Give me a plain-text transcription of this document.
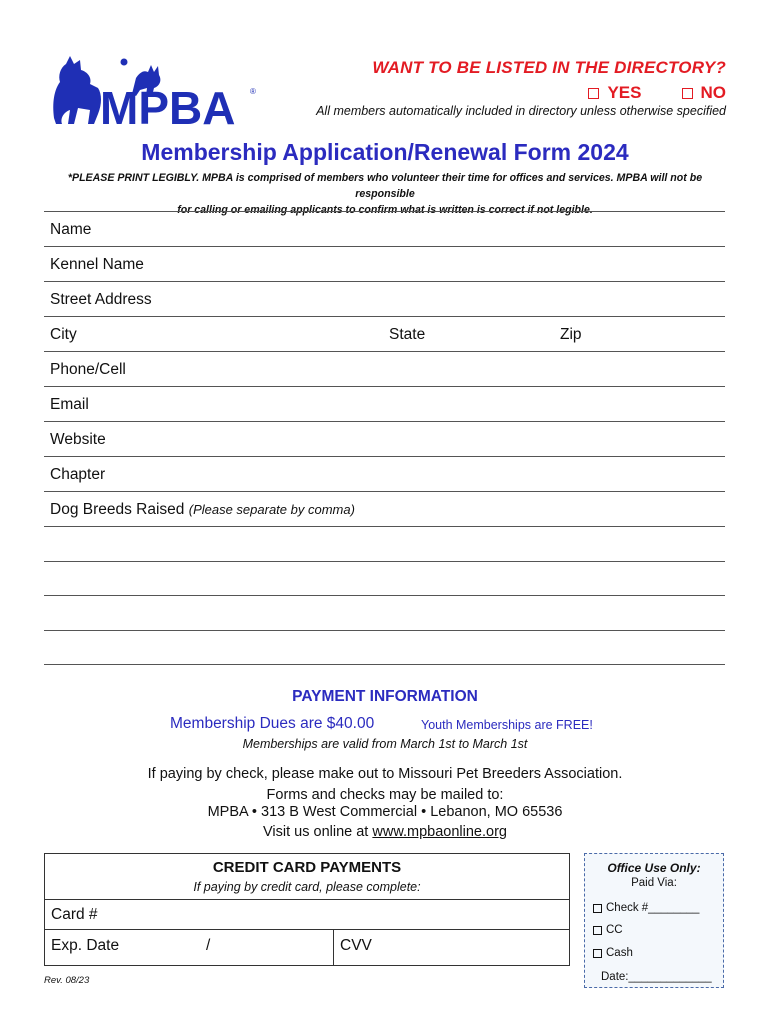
MPBA ®
WANT TO BE LISTED IN THE DIRECTORY?
YES	NO
All members automatically included in directory unless otherwise specified
Membership Application/Renewal Form 2024
*PLEASE PRINT LEGIBLY. MPBA is comprised of members who volunteer their time for offices and services. MPBA will not be responsible
for calling or emailing applicants to confirm what is written is correct if not legible.
Name
Kennel Name
Street Address
City	State	Zip
Phone/Cell
Email
Website
Chapter
Dog Breeds Raised (Please separate by comma)
PAYMENT INFORMATION
Membership Dues are $40.00	Youth Memberships are FREE!
Memberships are valid from March 1st to March 1st
If paying by check, please make out to Missouri Pet Breeders Association.
Forms and checks may be mailed to:
MPBA • 313 B West Commercial • Lebanon, MO 65536
Visit us online at www.mpbaonline.org
CREDIT CARD PAYMENTS
If paying by credit card, please complete:
Card #
Exp. Date	/	CVV
Office Use Only:
Paid Via:
Check #________
CC
Cash
Date:_____________
Rev. 08/23
